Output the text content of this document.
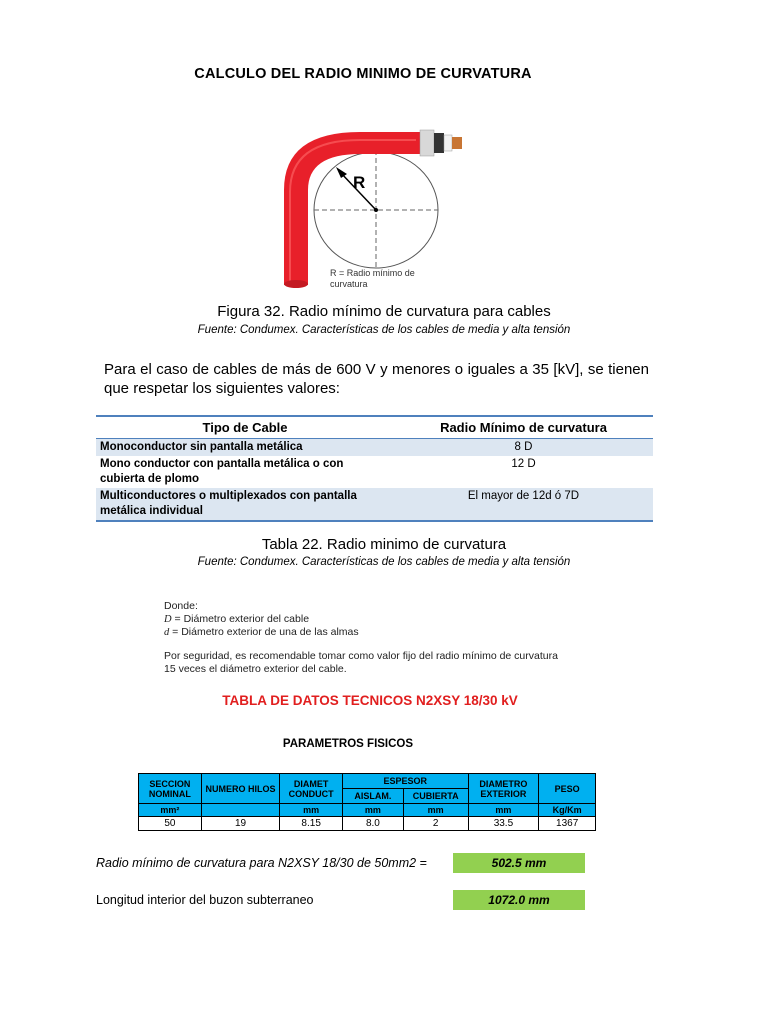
CALCULO DEL RADIO MINIMO DE CURVATURA
R
R = Radio mínimo de
curvatura
Figura 32. Radio mínimo de curvatura para cables
Fuente: Condumex. Características de los cables de media y alta tensión
Para el caso de cables de más de 600 V y menores o iguales a 35 [kV], se tienen que respetar los siguientes valores:
Tipo de Cable	Radio Mínimo de curvatura
Monoconductor sin pantalla metálica	8 D
Mono conductor con pantalla metálica o con cubierta de plomo	12 D
Multiconductores o multiplexados con pantalla metálica individual	El mayor de 12d ó 7D
Tabla 22. Radio minimo de curvatura
Fuente: Condumex. Características de los cables de media y alta tensión
Donde:
D = Diámetro exterior del cable
d = Diámetro exterior de una de las almas
Por seguridad, es recomendable tomar como valor fijo del radio mínimo de curvatura 15 veces el diámetro exterior del cable.
TABLA DE DATOS TECNICOS N2XSY 18/30 kV
PARAMETROS FISICOS
SECCION NOMINAL	NUMERO HILOS	DIAMET CONDUCT	ESPESOR		DIAMETRO EXTERIOR	PESO
			AISLAM.	CUBIERTA		
mm²		mm	mm	mm	mm	Kg/Km
50	19	8.15	8.0	2	33.5	1367
Radio mínimo de curvatura para N2XSY 18/30 de 50mm2 =	502.5 mm
Longitud interior del buzon subterraneo	1072.0 mm
